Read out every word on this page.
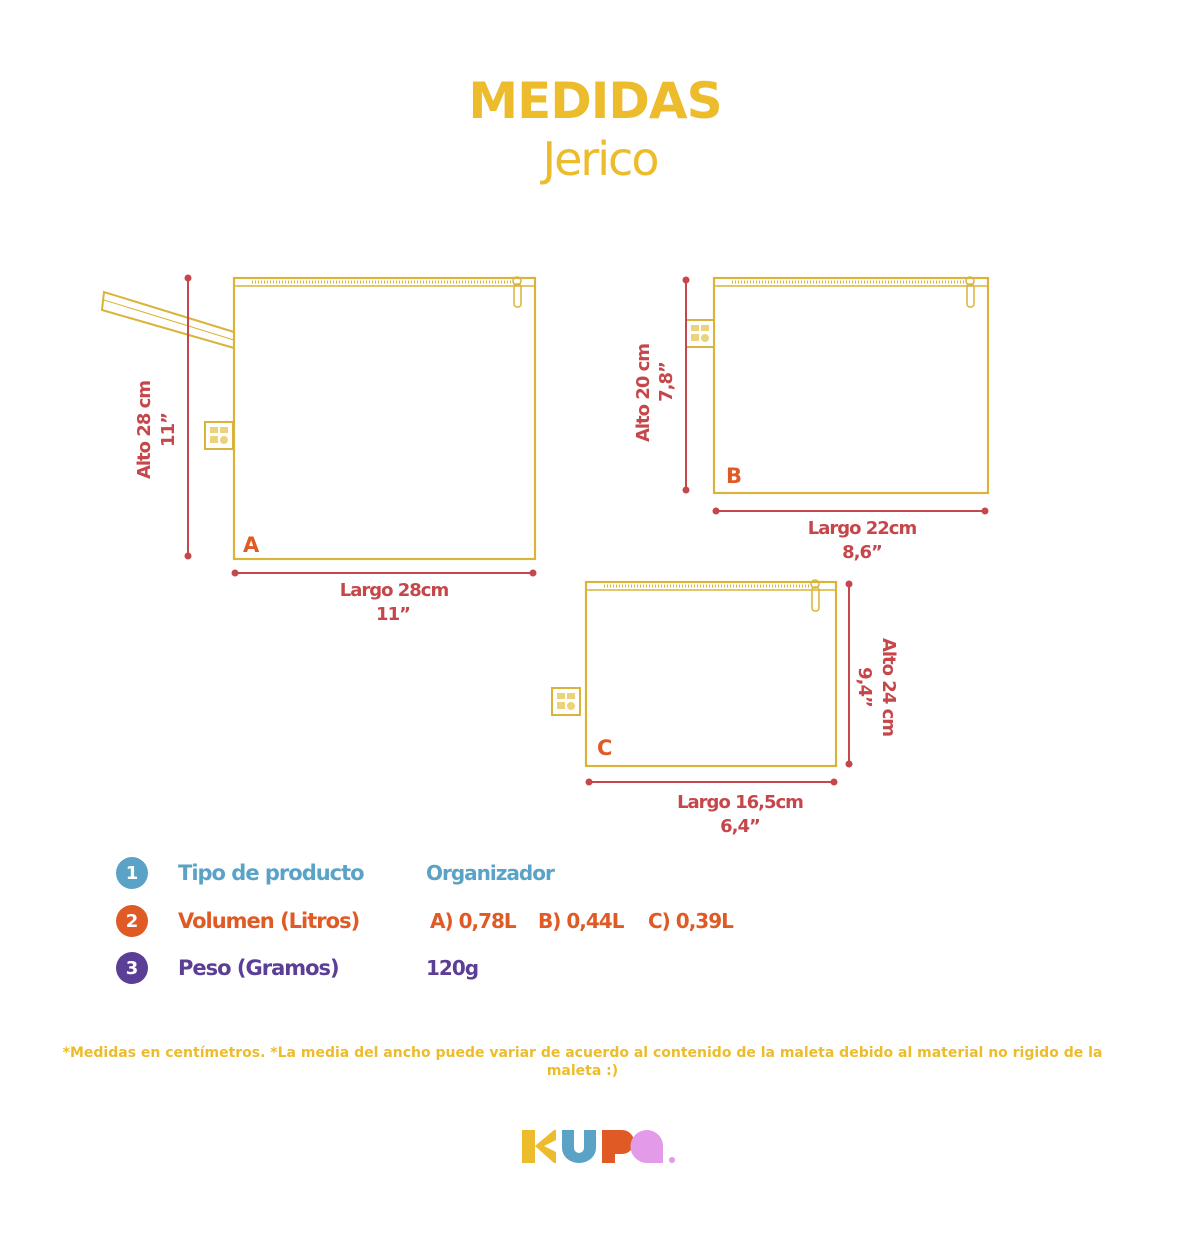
MEDIDAS
Jerico
A
Alto 28 cm 11”
Largo 28cm
11”
B
Alto 20 cm 7,8”
Largo 22cm
8,6”
C
Alto 24 cm
9,4”
Largo 16,5cm
6,4”
1	Tipo de producto	Organizador
2	Volumen (Litros)	A) 0,78L B) 0,44L C) 0,39L
3	Peso (Gramos)	120g
*Medidas en centímetros. *La media del ancho puede variar de acuerdo al contenido de la maleta debido al material no rigido de la maleta :)
